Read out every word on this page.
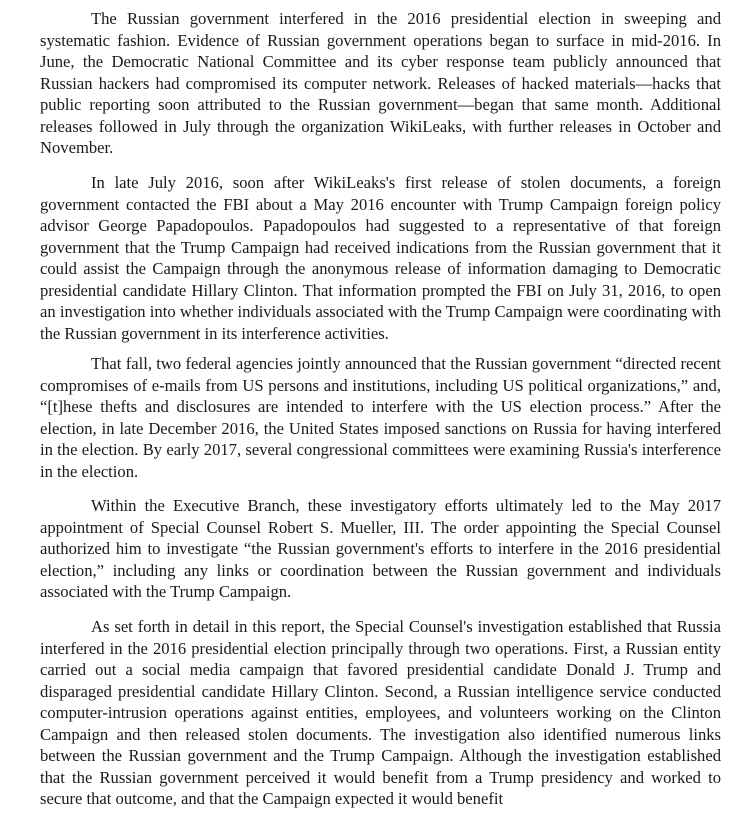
The Russian government interfered in the 2016 presidential election in sweeping and systematic fashion. Evidence of Russian government operations began to surface in mid-2016. In June, the Democratic National Committee and its cyber response team publicly announced that Russian hackers had compromised its computer network. Releases of hacked materials—hacks that public reporting soon attributed to the Russian government—began that same month. Additional releases followed in July through the organization WikiLeaks, with further releases in October and November.

In late July 2016, soon after WikiLeaks's first release of stolen documents, a foreign government contacted the FBI about a May 2016 encounter with Trump Campaign foreign policy advisor George Papadopoulos. Papadopoulos had suggested to a representative of that foreign government that the Trump Campaign had received indications from the Russian government that it could assist the Campaign through the anonymous release of information damaging to Democratic presidential candidate Hillary Clinton. That information prompted the FBI on July 31, 2016, to open an investigation into whether individuals associated with the Trump Campaign were coordinating with the Russian government in its interference activities.

That fall, two federal agencies jointly announced that the Russian government “directed recent compromises of e-mails from US persons and institutions, including US political organizations,” and, “[t]hese thefts and disclosures are intended to interfere with the US election process.” After the election, in late December 2016, the United States imposed sanctions on Russia for having interfered in the election. By early 2017, several congressional committees were examining Russia's interference in the election.

Within the Executive Branch, these investigatory efforts ultimately led to the May 2017 appointment of Special Counsel Robert S. Mueller, III. The order appointing the Special Counsel authorized him to investigate “the Russian government's efforts to interfere in the 2016 presidential election,” including any links or coordination between the Russian government and individuals associated with the Trump Campaign.

As set forth in detail in this report, the Special Counsel's investigation established that Russia interfered in the 2016 presidential election principally through two operations. First, a Russian entity carried out a social media campaign that favored presidential candidate Donald J. Trump and disparaged presidential candidate Hillary Clinton. Second, a Russian intelligence service conducted computer-intrusion operations against entities, employees, and volunteers working on the Clinton Campaign and then released stolen documents. The investigation also identified numerous links between the Russian government and the Trump Campaign. Although the investigation established that the Russian government perceived it would benefit from a Trump presidency and worked to secure that outcome, and that the Campaign expected it would benefit
